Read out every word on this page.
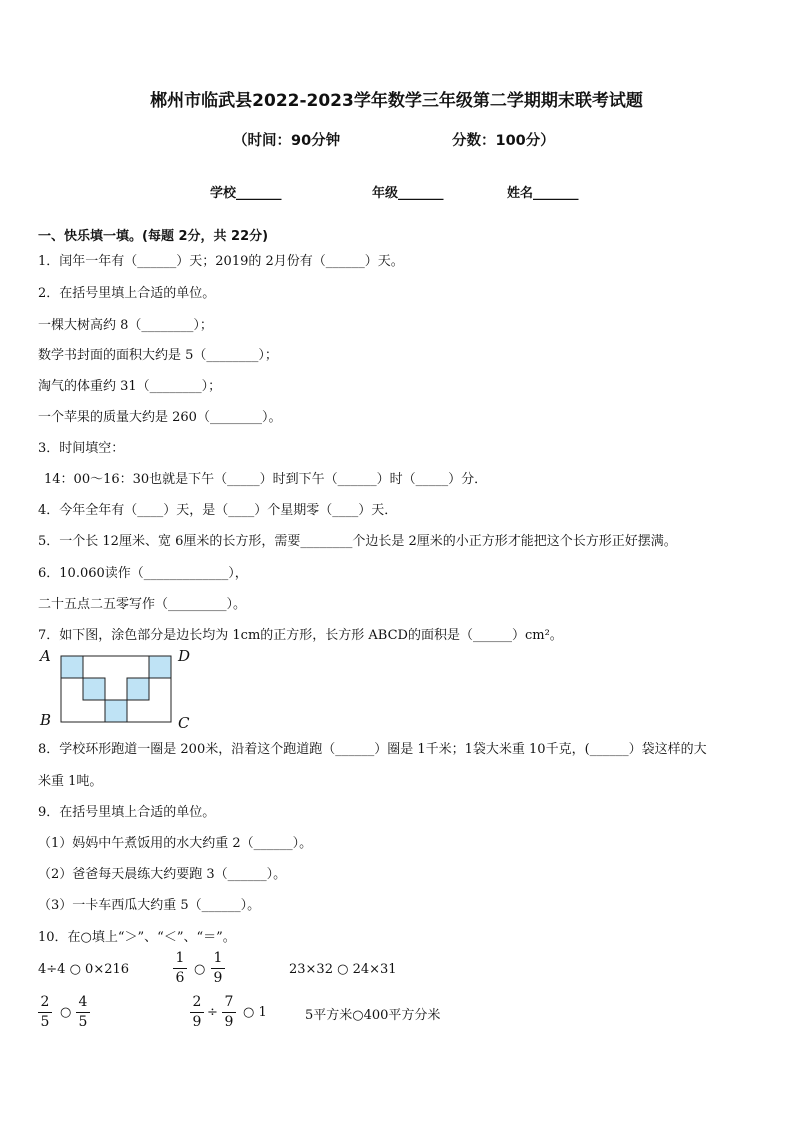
郴州市临武县2022-2023学年数学三年级第二学期期末联考试题
（时间：90分钟	分数：100分）
学校_______	年级_______	姓名_______
一、快乐填一填。(每题 2分，共 22分)
1．闰年一年有（______）天；2019的 2月份有（______）天。
2．在括号里填上合适的单位。
一棵大树高约 8（________）；
数学书封面的面积大约是 5（________）；
淘气的体重约 31（________）；
一个苹果的质量大约是 260（________）。
3．时间填空：
14：00～16：30也就是下午（_____）时到下午（______）时（_____）分．
4．今年全年有（____）天，是（____）个星期零（____）天．
5．一个长 12厘米、宽 6厘米的长方形，需要________个边长是 2厘米的小正方形才能把这个长方形正好摆满。
6．10.060读作（_____________），
二十五点二五零写作（_________）。
7．如下图，涂色部分是边长均为 1cm的正方形，长方形 ABCD的面积是（______）cm²。
A	D
B	C
8．学校环形跑道一圈是 200米，沿着这个跑道跑（______）圈是 1千米；1袋大米重 10千克，(______）袋这样的大
米重 1吨。
9．在括号里填上合适的单位。
（1）妈妈中午煮饭用的水大约重 2（______）。
（2）爸爸每天晨练大约要跑 3（______）。
（3）一卡车西瓜大约重 5（______）。
10．在○填上“＞”、“＜”、“＝”。
4÷4 ○ 0×216
1
6
○
1
9
23×32 ○ 24×31
2
5
○
4
5
2
9
÷
7
9
○ 1	5平方米○400平方分米
